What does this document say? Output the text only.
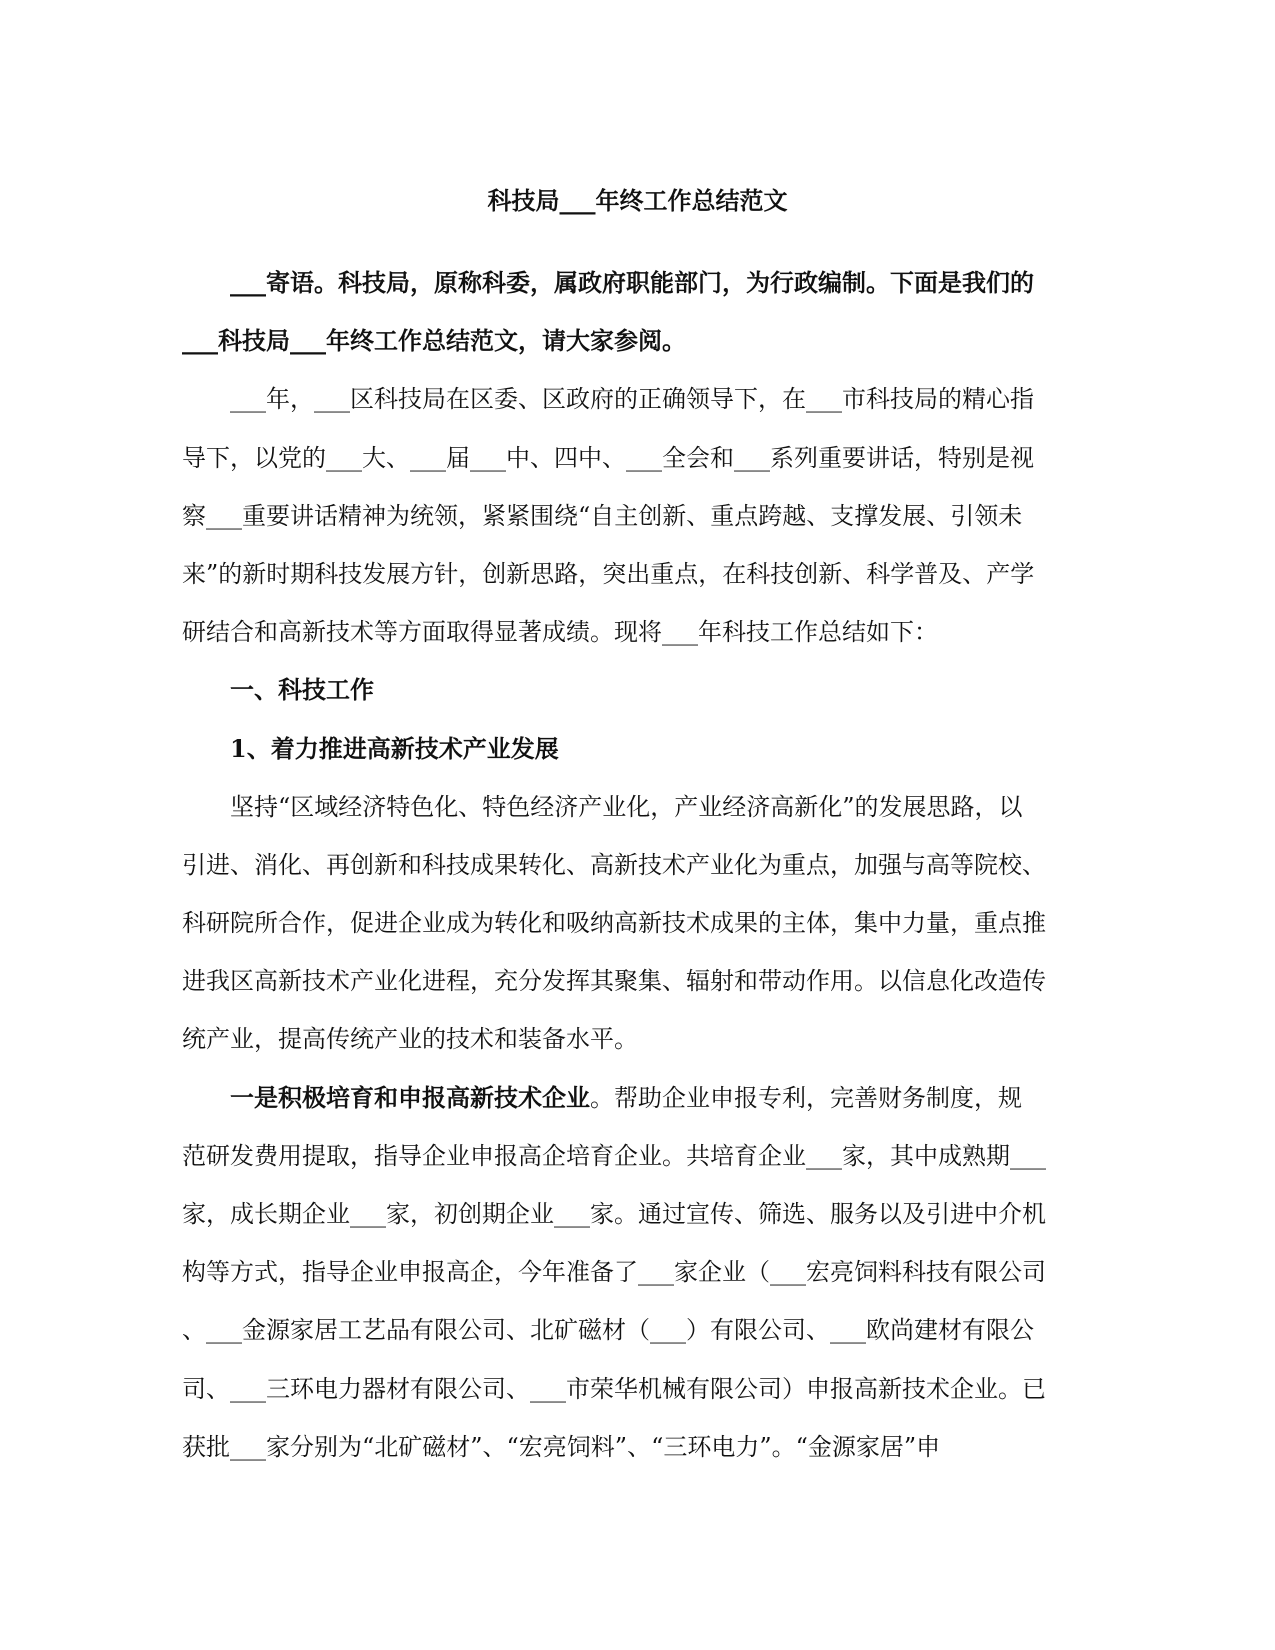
科技局___年终工作总结范文
___寄语。科技局，原称科委，属政府职能部门，为行政编制。下面是我们的
___科技局___年终工作总结范文，请大家参阅。
___年，___区科技局在区委、区政府的正确领导下，在___市科技局的精心指
导下，以党的___大、___届___中、四中、___全会和___系列重要讲话，特别是视
察___重要讲话精神为统领，紧紧围绕“自主创新、重点跨越、支撑发展、引领未
来”的新时期科技发展方针，创新思路，突出重点，在科技创新、科学普及、产学
研结合和高新技术等方面取得显著成绩。现将___年科技工作总结如下：
一、科技工作
1、着力推进高新技术产业发展
坚持“区域经济特色化、特色经济产业化，产业经济高新化”的发展思路，以
引进、消化、再创新和科技成果转化、高新技术产业化为重点，加强与高等院校、
科研院所合作，促进企业成为转化和吸纳高新技术成果的主体，集中力量，重点推
进我区高新技术产业化进程，充分发挥其聚集、辐射和带动作用。以信息化改造传
统产业，提高传统产业的技术和装备水平。
一是积极培育和申报高新技术企业。帮助企业申报专利，完善财务制度，规
范研发费用提取，指导企业申报高企培育企业。共培育企业___家，其中成熟期___
家，成长期企业___家，初创期企业___家。通过宣传、筛选、服务以及引进中介机
构等方式，指导企业申报高企，今年准备了___家企业（___宏亮饲料科技有限公司
、___金源家居工艺品有限公司、北矿磁材（___）有限公司、___欧尚建材有限公
司、___三环电力器材有限公司、___市荣华机械有限公司）申报高新技术企业。已
获批___家分别为“北矿磁材”、“宏亮饲料”、“三环电力”。“金源家居”申
